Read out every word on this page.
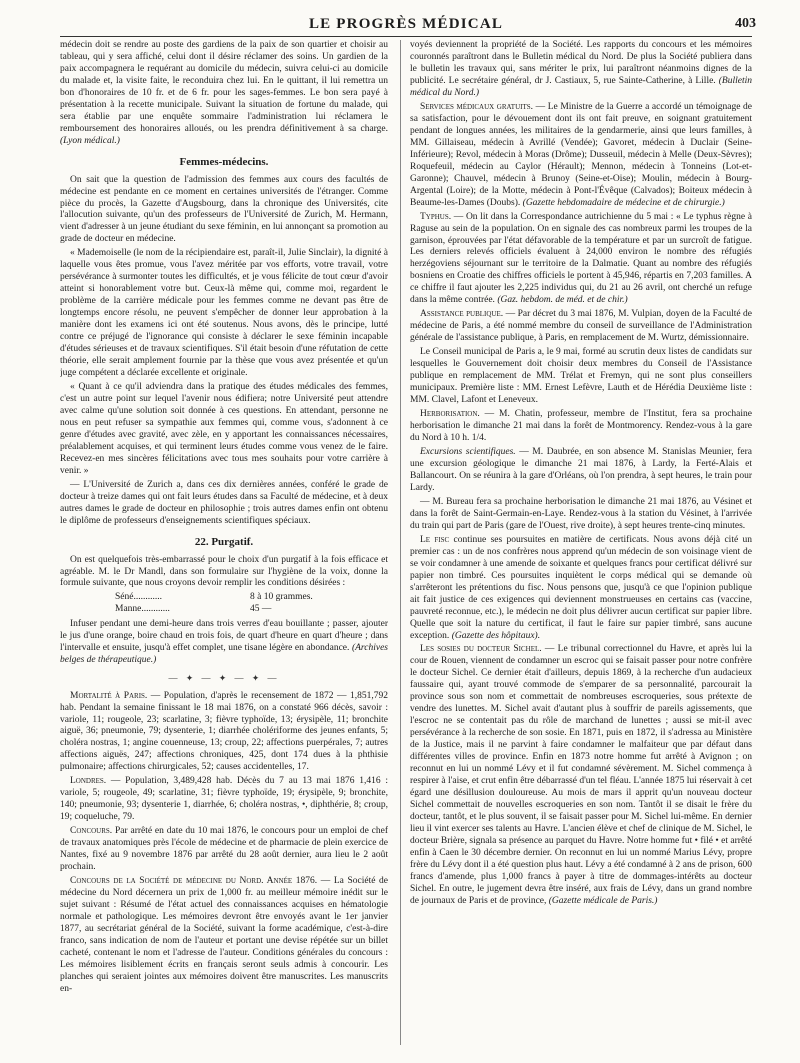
LE PROGRÈS MÉDICAL	403

médecin doit se rendre au poste des gardiens de la paix de son quartier et choisir au tableau, qui y sera affiché, celui dont il désire réclamer des soins. Un gardien de la paix accompagnera le requérant au domicile du médecin, suivra celui-ci au domicile du malade et, la visite faite, le reconduira chez lui. En le quittant, il lui remettra un bon d'honoraires de 10 fr. et de 6 fr. pour les sages-femmes. Le bon sera payé à présentation à la recette municipale. Suivant la situation de fortune du malade, qui sera établie par une enquête sommaire l'administration lui réclamera le remboursement des honoraires alloués, ou les prendra définitivement à sa charge. (Lyon médical.)

Femmes-médecins.

On sait que la question de l'admission des femmes aux cours des facultés de médecine est pendante en ce moment en certaines universités de l'étranger. Comme pièce du procès, la Gazette d'Augsbourg, dans la chronique des Universités, cite l'allocution suivante, qu'un des professeurs de l'Université de Zurich, M. Hermann, vient d'adresser à un jeune étudiant du sexe féminin, en lui annonçant sa promotion au grade de docteur en médecine.

« Mademoiselle (le nom de la récipiendaire est, paraît-il, Julie Sinclair), la dignité à laquelle vous êtes promue, vous l'avez méritée par vos efforts, votre travail, votre persévérance à surmonter toutes les difficultés, et je vous félicite de tout cœur d'avoir atteint si honorablement votre but. Ceux-là même qui, comme moi, regardent le problème de la carrière médicale pour les femmes comme ne devant pas être de longtemps encore résolu, ne peuvent s'empêcher de donner leur approbation à la manière dont les examens ici ont été soutenus. Nous avons, dès le principe, lutté contre ce préjugé de l'ignorance qui consiste à déclarer le sexe féminin incapable d'études sérieuses et de travaux scientifiques. S'il était besoin d'une réfutation de cette théorie, elle serait amplement fournie par la thèse que vous avez présentée et qu'un juge compétent a déclarée excellente et originale.

« Quant à ce qu'il adviendra dans la pratique des études médicales des femmes, c'est un autre point sur lequel l'avenir nous édifiera; notre Université peut attendre avec calme qu'une solution soit donnée à ces questions. En attendant, personne ne nous en peut refuser sa sympathie aux femmes qui, comme vous, s'adonnent à ce genre d'études avec gravité, avec zèle, en y apportant les connaissances nécessaires, préalablement acquises, et qui terminent leurs études comme vous venez de le faire. Recevez-en mes sincères félicitations avec tous mes souhaits pour votre carrière à venir. »

— L'Université de Zurich a, dans ces dix dernières années, conféré le grade de docteur à treize dames qui ont fait leurs études dans sa Faculté de médecine, et à deux autres dames le grade de docteur en philosophie ; trois autres dames enfin ont obtenu le diplôme de professeurs d'enseignements scientifiques spéciaux.

22. Purgatif.

On est quelquefois très-embarrassé pour le choix d'un purgatif à la fois efficace et agréable. M. le Dr Mandl, dans son formulaire sur l'hygiène de la voix, donne la formule suivante, que nous croyons devoir remplir les conditions désirées :

Séné............	8 à 10 grammes.
Manne............	45 —

Infuser pendant une demi-heure dans trois verres d'eau bouillante ; passer, ajouter le jus d'une orange, boire chaud en trois fois, de quart d'heure en quart d'heure ; dans l'intervalle et ensuite, jusqu'à effet complet, une tisane légère en abondance. (Archives belges de thérapeutique.)

— ✦ — ✦ — ✦ —

Mortalité à Paris. — Population, d'après le recensement de 1872 — 1,851,792 hab. Pendant la semaine finissant le 18 mai 1876, on a constaté 966 décès, savoir : variole, 11; rougeole, 23; scarlatine, 3; fièvre typhoïde, 13; érysipèle, 11; bronchite aiguë, 36; pneumonie, 79; dysenterie, 1; diarrhée cholériforme des jeunes enfants, 5; choléra nostras, 1; angine couenneuse, 13; croup, 22; affections puerpérales, 7; autres affections aiguës, 247; affections chroniques, 425, dont 174 dues à la phthisie pulmonaire; affections chirurgicales, 52; causes accidentelles, 17.

Londres. — Population, 3,489,428 hab. Décès du 7 au 13 mai 1876 1,416 : variole, 5; rougeole, 49; scarlatine, 31; fièvre typhoïde, 19; érysipèle, 9; bronchite, 140; pneumonie, 93; dysenterie 1, diarrhée, 6; choléra nostras, •, diphthérie, 8; croup, 19; coqueluche, 79.

Concours. Par arrêté en date du 10 mai 1876, le concours pour un emploi de chef de travaux anatomiques près l'école de médecine et de pharmacie de plein exercice de Nantes, fixé au 9 novembre 1876 par arrêté du 28 août dernier, aura lieu le 2 août prochain.

Concours de la Société de médecine du Nord. Année 1876. — La Société de médecine du Nord décernera un prix de 1,000 fr. au meilleur mémoire inédit sur le sujet suivant : Résumé de l'état actuel des connaissances acquises en hématologie normale et pathologique. Les mémoires devront être envoyés avant le 1er janvier 1877, au secrétariat général de la Société, suivant la forme académique, c'est-à-dire franco, sans indication de nom de l'auteur et portant une devise répétée sur un billet cacheté, contenant le nom et l'adresse de l'auteur. Conditions générales du concours : Les mémoires lisiblement écrits en français seront seuls admis à concourir. Les planches qui seraient jointes aux mémoires doivent être manuscrites. Les manuscrits en-

voyés deviennent la propriété de la Société. Les rapports du concours et les mémoires couronnés paraîtront dans le Bulletin médical du Nord. De plus la Société publiera dans le bulletin les travaux qui, sans mériter le prix, lui paraîtront néanmoins dignes de la publicité. Le secrétaire général, dr J. Castiaux, 5, rue Sainte-Catherine, à Lille. (Bulletin médical du Nord.)

Services médicaux gratuits. — Le Ministre de la Guerre a accordé un témoignage de sa satisfaction, pour le dévouement dont ils ont fait preuve, en soignant gratuitement pendant de longues années, les militaires de la gendarmerie, ainsi que leurs familles, à MM. Gillaiseau, médecin à Avrillé (Vendée); Gavoret, médecin à Duclair (Seine-Inférieure); Revol, médecin à Moras (Drôme); Dusseuil, médecin à Melle (Deux-Sèvres); Roquefeuil, médecin au Caylor (Hérault); Mennon, médecin à Tonneins (Lot-et-Garonne); Chauvel, médecin à Brunoy (Seine-et-Oise); Moulin, médecin à Bourg-Argental (Loire); de la Motte, médecin à Pont-l'Évêque (Calvados); Boiteux médecin à Beaume-les-Dames (Doubs). (Gazette hebdomadaire de médecine et de chirurgie.)

Typhus. — On lit dans la Correspondance autrichienne du 5 mai : « Le typhus règne à Raguse au sein de la population. On en signale des cas nombreux parmi les troupes de la garnison, éprouvées par l'état défavorable de la température et par un surcroît de fatigue. Les derniers relevés officiels évaluent à 24,000 environ le nombre des réfugiés herzégoviens séjournant sur le territoire de la Dalmatie. Quant au nombre des réfugiés bosniens en Croatie des chiffres officiels le portent à 45,946, répartis en 7,203 familles. A ce chiffre il faut ajouter les 2,225 individus qui, du 21 au 26 avril, ont cherché un refuge dans la même contrée. (Gaz. hebdom. de méd. et de chir.)

Assistance publique. — Par décret du 3 mai 1876, M. Vulpian, doyen de la Faculté de médecine de Paris, a été nommé membre du conseil de surveillance de l'Administration générale de l'assistance publique, à Paris, en remplacement de M. Wurtz, démissionnaire.

Le Conseil municipal de Paris a, le 9 mai, formé au scrutin deux listes de candidats sur lesquelles le Gouvernement doit choisir deux membres du Conseil de l'Assistance publique en remplacement de MM. Trélat et Fremyn, qui ne sont plus conseillers municipaux. Première liste : MM. Ernest Lefèvre, Lauth et de Hérédia Deuxième liste : MM. Clavel, Lafont et Leneveux.

Herborisation. — M. Chatin, professeur, membre de l'Institut, fera sa prochaine herborisation le dimanche 21 mai dans la forêt de Montmorency. Rendez-vous à la gare du Nord à 10 h. 1/4.

Excursions scientifiques. — M. Daubrée, en son absence M. Stanislas Meunier, fera une excursion géologique le dimanche 21 mai 1876, à Lardy, la Ferté-Alais et Ballancourt. On se réunira à la gare d'Orléans, où l'on prendra, à sept heures, le train pour Lardy.

— M. Bureau fera sa prochaine herborisation le dimanche 21 mai 1876, au Vésinet et dans la forêt de Saint-Germain-en-Laye. Rendez-vous à la station du Vésinet, à l'arrivée du train qui part de Paris (gare de l'Ouest, rive droite), à sept heures trente-cinq minutes.

Le fisc continue ses poursuites en matière de certificats. Nous avons déjà cité un premier cas : un de nos confrères nous apprend qu'un médecin de son voisinage vient de se voir condamner à une amende de soixante et quelques francs pour certificat délivré sur papier non timbré. Ces poursuites inquiètent le corps médical qui se demande où s'arrêteront les prétentions du fisc. Nous pensons que, jusqu'à ce que l'opinion publique ait fait justice de ces exigences qui deviennent monstrueuses en certains cas (vaccine, pauvreté reconnue, etc.), le médecin ne doit plus délivrer aucun certificat sur papier libre. Quelle que soit la nature du certificat, il faut le faire sur papier timbré, sans aucune exception. (Gazette des hôpitaux).

Les sosies du docteur Sichel. — Le tribunal correctionnel du Havre, et après lui la cour de Rouen, viennent de condamner un escroc qui se faisait passer pour notre confrère le docteur Sichel. Ce dernier était d'ailleurs, depuis 1869, à la recherche d'un audacieux faussaire qui, ayant trouvé commode de s'emparer de sa personnalité, parcourait la province sous son nom et commettait de nombreuses escroqueries, sous prétexte de vendre des lunettes. M. Sichel avait d'autant plus à souffrir de pareils agissements, que l'escroc ne se contentait pas du rôle de marchand de lunettes ; aussi se mit-il avec persévérance à la recherche de son sosie. En 1871, puis en 1872, il s'adressa au Ministère de la Justice, mais il ne parvint à faire condamner le malfaiteur que par défaut dans différentes villes de province. Enfin en 1873 notre homme fut arrêté à Avignon ; on reconnut en lui un nommé Lévy et il fut condamné sévèrement. M. Sichel commença à respirer à l'aise, et crut enfin être débarrassé d'un tel fléau. L'année 1875 lui réservait à cet égard une désillusion douloureuse. Au mois de mars il apprit qu'un nouveau docteur Sichel commettait de nouvelles escroqueries en son nom. Tantôt il se disait le frère du docteur, tantôt, et le plus souvent, il se faisait passer pour M. Sichel lui-même. En dernier lieu il vint exercer ses talents au Havre. L'ancien élève et chef de clinique de M. Sichel, le docteur Brière, signala sa présence au parquet du Havre. Notre homme fut • filé • et arrêté enfin à Caen le 30 décembre dernier. On reconnut en lui un nommé Marius Lévy, propre frère du Lévy dont il a été question plus haut. Lévy a été condamné à 2 ans de prison, 600 francs d'amende, plus 1,000 francs à payer à titre de dommages-intérêts au docteur Sichel. En outre, le jugement devra être inséré, aux frais de Lévy, dans un grand nombre de journaux de Paris et de province, (Gazette médicale de Paris.)
